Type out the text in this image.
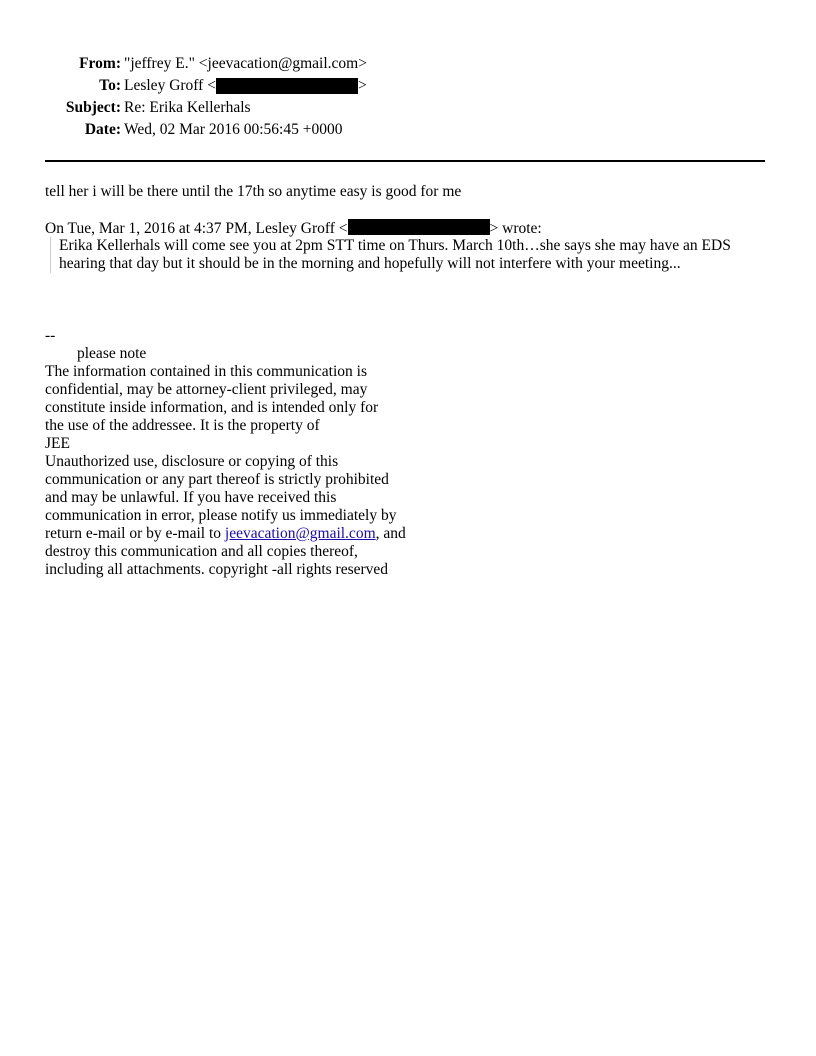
From: "jeffrey E." <jeevacation@gmail.com>
To: Lesley Groff <	>
Subject: Re: Erika Kellerhals
Date: Wed, 02 Mar 2016 00:56:45 +0000
tell her i will be there until the 17th so anytime easy is good for me
On Tue, Mar 1, 2016 at 4:37 PM, Lesley Groff <	> wrote:

Erika Kellerhals will come see you at 2pm STT time on Thurs. March 10th…she says she may have an EDS hearing that day but it should be in the morning and hopefully will not interfere with your meeting...

--
please note
The information contained in this communication is
confidential, may be attorney-client privileged, may
constitute inside information, and is intended only for
the use of the addressee. It is the property of
JEE
Unauthorized use, disclosure or copying of this
communication or any part thereof is strictly prohibited
and may be unlawful. If you have received this
communication in error, please notify us immediately by
return e-mail or by e-mail to jeevacation@gmail.com, and
destroy this communication and all copies thereof,
including all attachments. copyright -all rights reserved
